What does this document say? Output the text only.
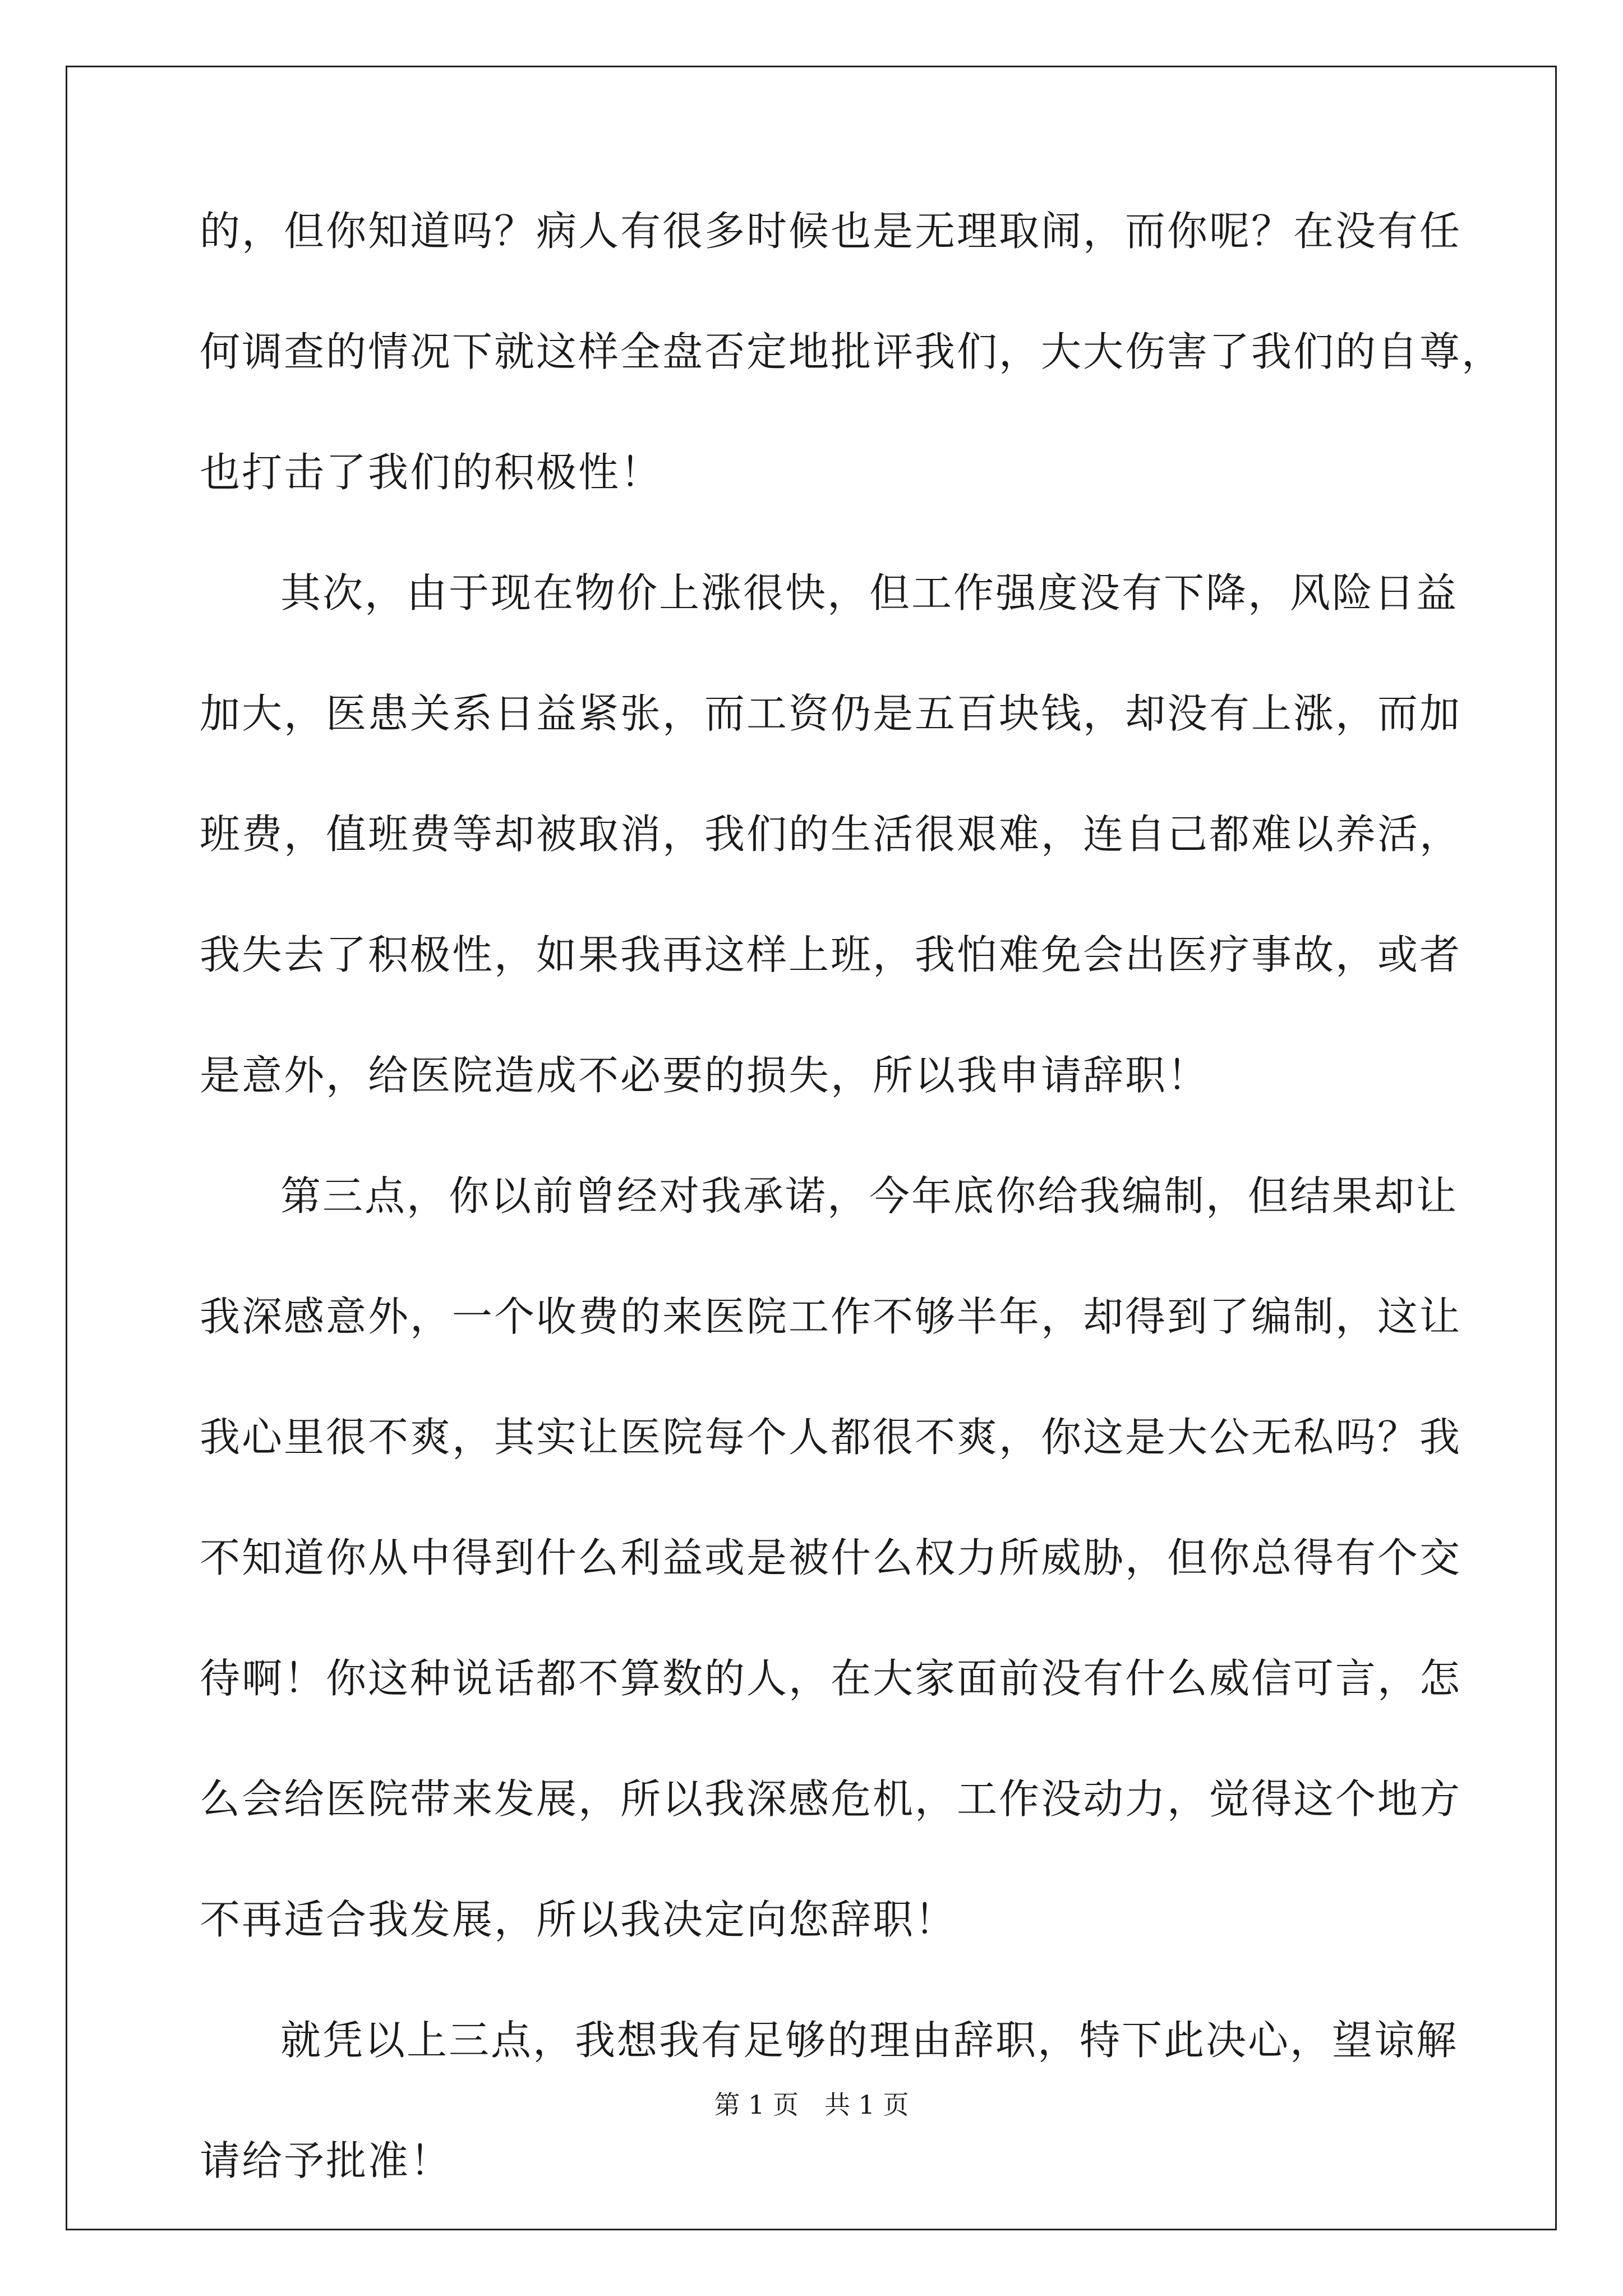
的，但你知道吗？病人有很多时候也是无理取闹，而你呢？在没有任
何调查的情况下就这样全盘否定地批评我们，大大伤害了我们的自尊，
也打击了我们的积极性！
其次，由于现在物价上涨很快，但工作强度没有下降，风险日益
加大，医患关系日益紧张，而工资仍是五百块钱，却没有上涨，而加
班费，值班费等却被取消，我们的生活很艰难，连自己都难以养活，
我失去了积极性，如果我再这样上班，我怕难免会出医疗事故，或者
是意外，给医院造成不必要的损失，所以我申请辞职！
第三点，你以前曾经对我承诺，今年底你给我编制，但结果却让
我深感意外，一个收费的来医院工作不够半年，却得到了编制，这让
我心里很不爽，其实让医院每个人都很不爽，你这是大公无私吗？我
不知道你从中得到什么利益或是被什么权力所威胁，但你总得有个交
待啊！你这种说话都不算数的人，在大家面前没有什么威信可言，怎
么会给医院带来发展，所以我深感危机，工作没动力，觉得这个地方
不再适合我发展，所以我决定向您辞职！
就凭以上三点，我想我有足够的理由辞职，特下此决心，望谅解
请给予批准！
第 1 页　共 1 页
